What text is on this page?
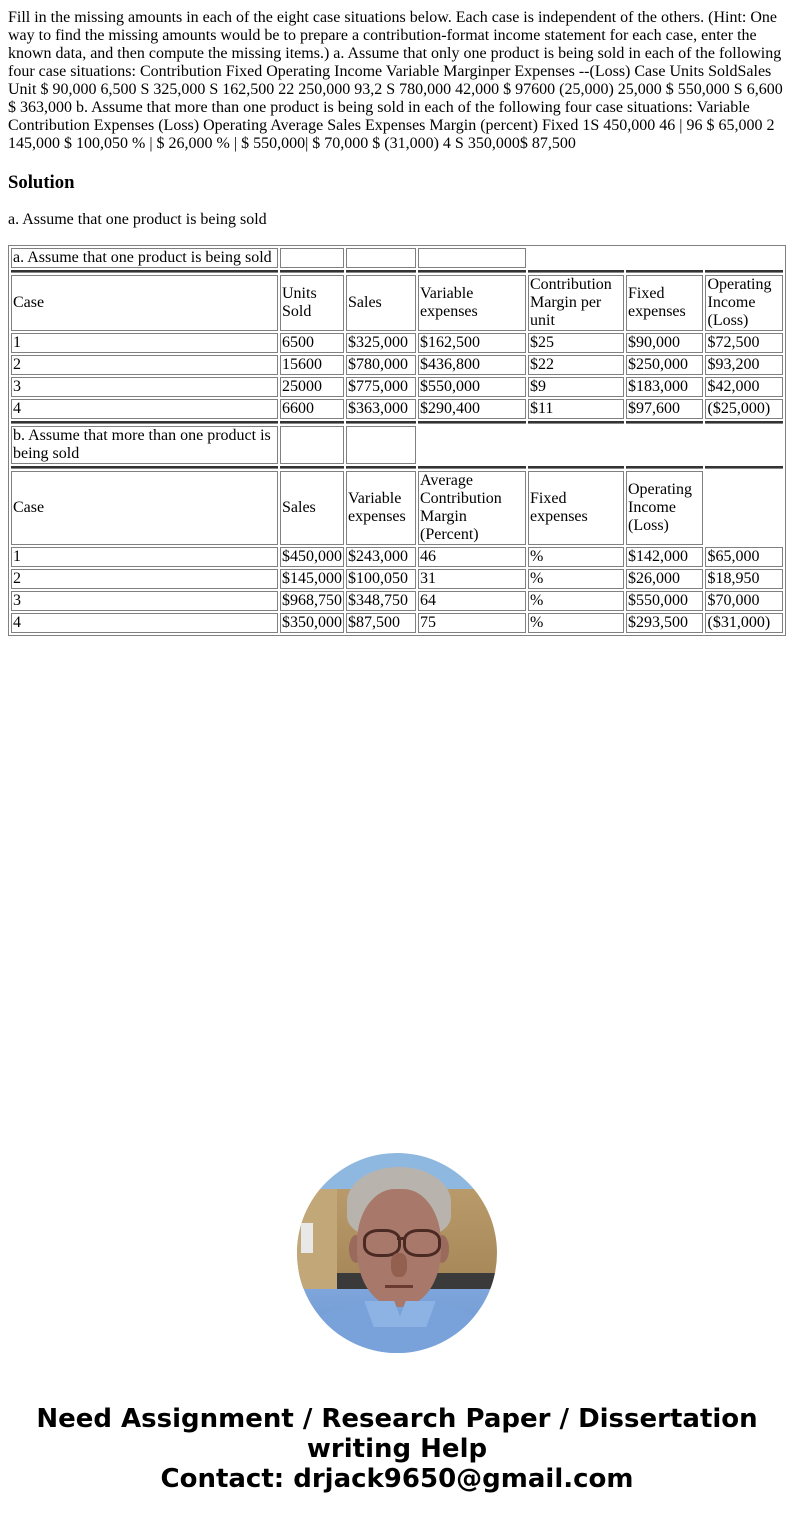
Fill in the missing amounts in each of the eight case situations below. Each case is independent of the others. (Hint: One way to find the missing amounts would be to prepare a contribution-format income statement for each case, enter the known data, and then compute the missing items.) a. Assume that only one product is being sold in each of the following four case situations: Contribution Fixed Operating Income Variable Marginper Expenses --(Loss) Case Units SoldSales Unit $ 90,000 6,500 S 325,000 S 162,500 22 250,000 93,2 S 780,000 42,000 $ 97600 (25,000) 25,000 $ 550,000 S 6,600 $ 363,000 b. Assume that more than one product is being sold in each of the following four case situations: Variable Contribution Expenses (Loss) Operating Average Sales Expenses Margin (percent) Fixed 1S 450,000 46 | 96 $ 65,000 2 145,000 $ 100,050 % | $ 26,000 % | $ 550,000| $ 70,000 $ (31,000) 4 S 350,000$ 87,500

Solution

a. Assume that one product is being sold

a. Assume that one product is being sold						

Case	Units Sold	Sales	Variable expenses	Contribution Margin per unit	Fixed expenses	Operating Income (Loss)
1	6500	$325,000	$162,500	$25	$90,000	$72,500
2	15600	$780,000	$436,800	$22	$250,000	$93,200
3	25000	$775,000	$550,000	$9	$183,000	$42,000
4	6600	$363,000	$290,400	$11	$97,600	($25,000)

b. Assume that more than one product is being sold						

Case	Sales	Variable expenses	Average Contribution Margin (Percent)	Fixed expenses	Operating Income (Loss)	
1	$450,000	$243,000	46	%	$142,000	$65,000
2	$145,000	$100,050	31	%	$26,000	$18,950
3	$968,750	$348,750	64	%	$550,000	$70,000
4	$350,000	$87,500	75	%	$293,500	($31,000)
Need Assignment / Research Paper / Dissertation
writing Help
Contact: drjack9650@gmail.com
